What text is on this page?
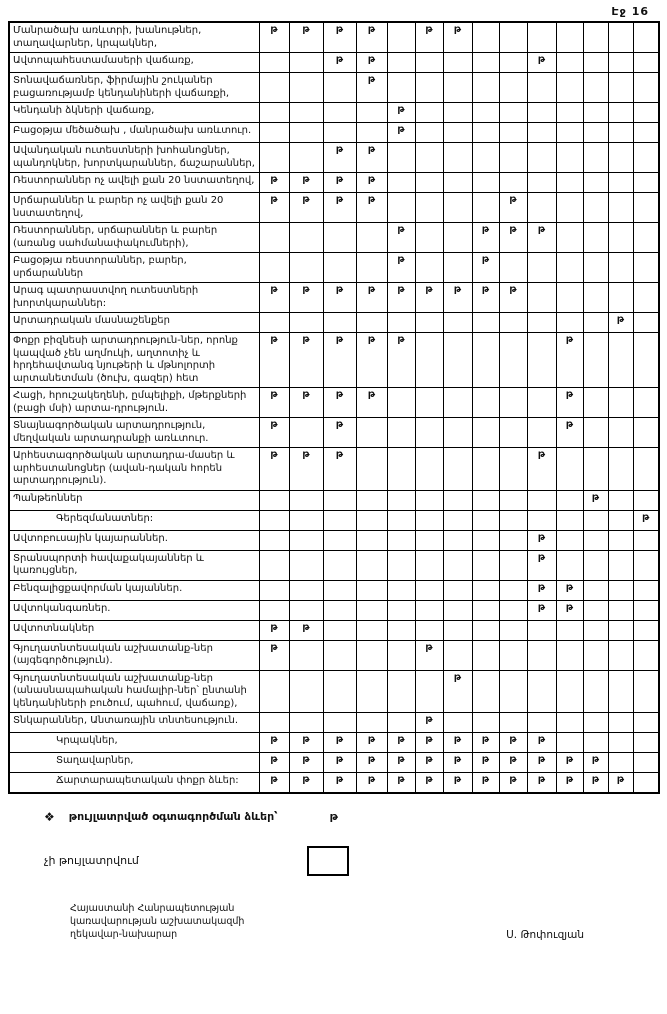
Էջ 16
Մանրածախ առևտրի, խանութներ, տաղավարներ, կրպակներ,	թ	թ	թ	թ		թ	թ							
Ավտոպահեստամասերի վաճառք,			թ	թ						թ				
Տոնավաճառներ, ֆիրմային շուկաներ բացառությամբ կենդանիների վաճառքի,				թ										
Կենդանի ձկների վաճառք,					թ									
Բացօթյա մեծածախ , մանրածախ առևտուր.					թ									
Ավանդական ուտեստների խոհանոցներ, պանդոկներ, խորտկարաններ, ճաշարաններ,			թ	թ										
Ռեստորաններ ոչ ավելի քան 20 նստատեղով,	թ	թ	թ	թ										
Սրճարաններ և բարեր ոչ ավելի քան 20 նստատեղով,	թ	թ	թ	թ					թ					
Ռեստորաններ, սրճարաններ և բարեր (առանց սահմանափակումների),					թ			թ	թ	թ				
Բացօթյա ռեստորաններ, բարեր, սրճարաններ					թ			թ						
Արագ պատրաստվող ուտեստների խորտկարաններ:	թ	թ	թ	թ	թ	թ	թ	թ	թ					
Արտադրական մասնաշենքեր													թ	
Փոքր բիզնեսի արտադրություն-ներ, որոնք կապված չեն աղմուկի, աղտոտիչ և հրդեհավտանգ նյութերի և մթնոլորտի արտանետման (ծուխ, գազեր) հետ	թ	թ	թ	թ	թ						թ			
Հացի, հրուշակեղենի, ըմպելիքի, մթերքների (բացի մսի) արտա-դրություն.	թ	թ	թ	թ							թ			
Տնայնագործական արտադրություն, մեղվական արտադրանքի առևտուր.	թ		թ								թ			
Արհեստագործական արտադրա-մասեր և արհեստանոցներ (ավան-դական հորեն արտադրություն).	թ	թ	թ							թ				
Պանթեոններ												թ		
Գերեզմանատներ:														թ
Ավտոբուսային կայարաններ.										թ				
Տրանսպորտի հավաքակայաններ և կառույցներ,										թ				
Բենզալիցքավորման կայաններ.										թ	թ			
Ավտոկանգառներ.										թ	թ			
Ավտոտնակներ	թ	թ												
Գյուղատնտեսական աշխատանք-ներ (այգեգործություն).	թ					թ								
Գյուղատնտեսական աշխատանք-ներ (անասնապահական համալիր-ներ՝ ընտանի կենդանիների բուծում, պահում, վաճառք),							թ							
Տնկարաններ, Անտառային տնտեսություն.						թ								
Կրպակներ,	թ	թ	թ	թ	թ	թ	թ	թ	թ	թ				
Տաղավարներ,	թ	թ	թ	թ	թ	թ	թ	թ	թ	թ	թ	թ		
Ճարտարապետական փոքր ձևեր:	թ	թ	թ	թ	թ	թ	թ	թ	թ	թ	թ	թ	թ	
❖ թույլատրված օգտագործման ձևեր՝	թ
չի թույլատրվում
Հայաստանի Հանրապետության
կառավարության աշխատակազմի
ղեկավար-նախարար	Ս. Թոփուզյան
